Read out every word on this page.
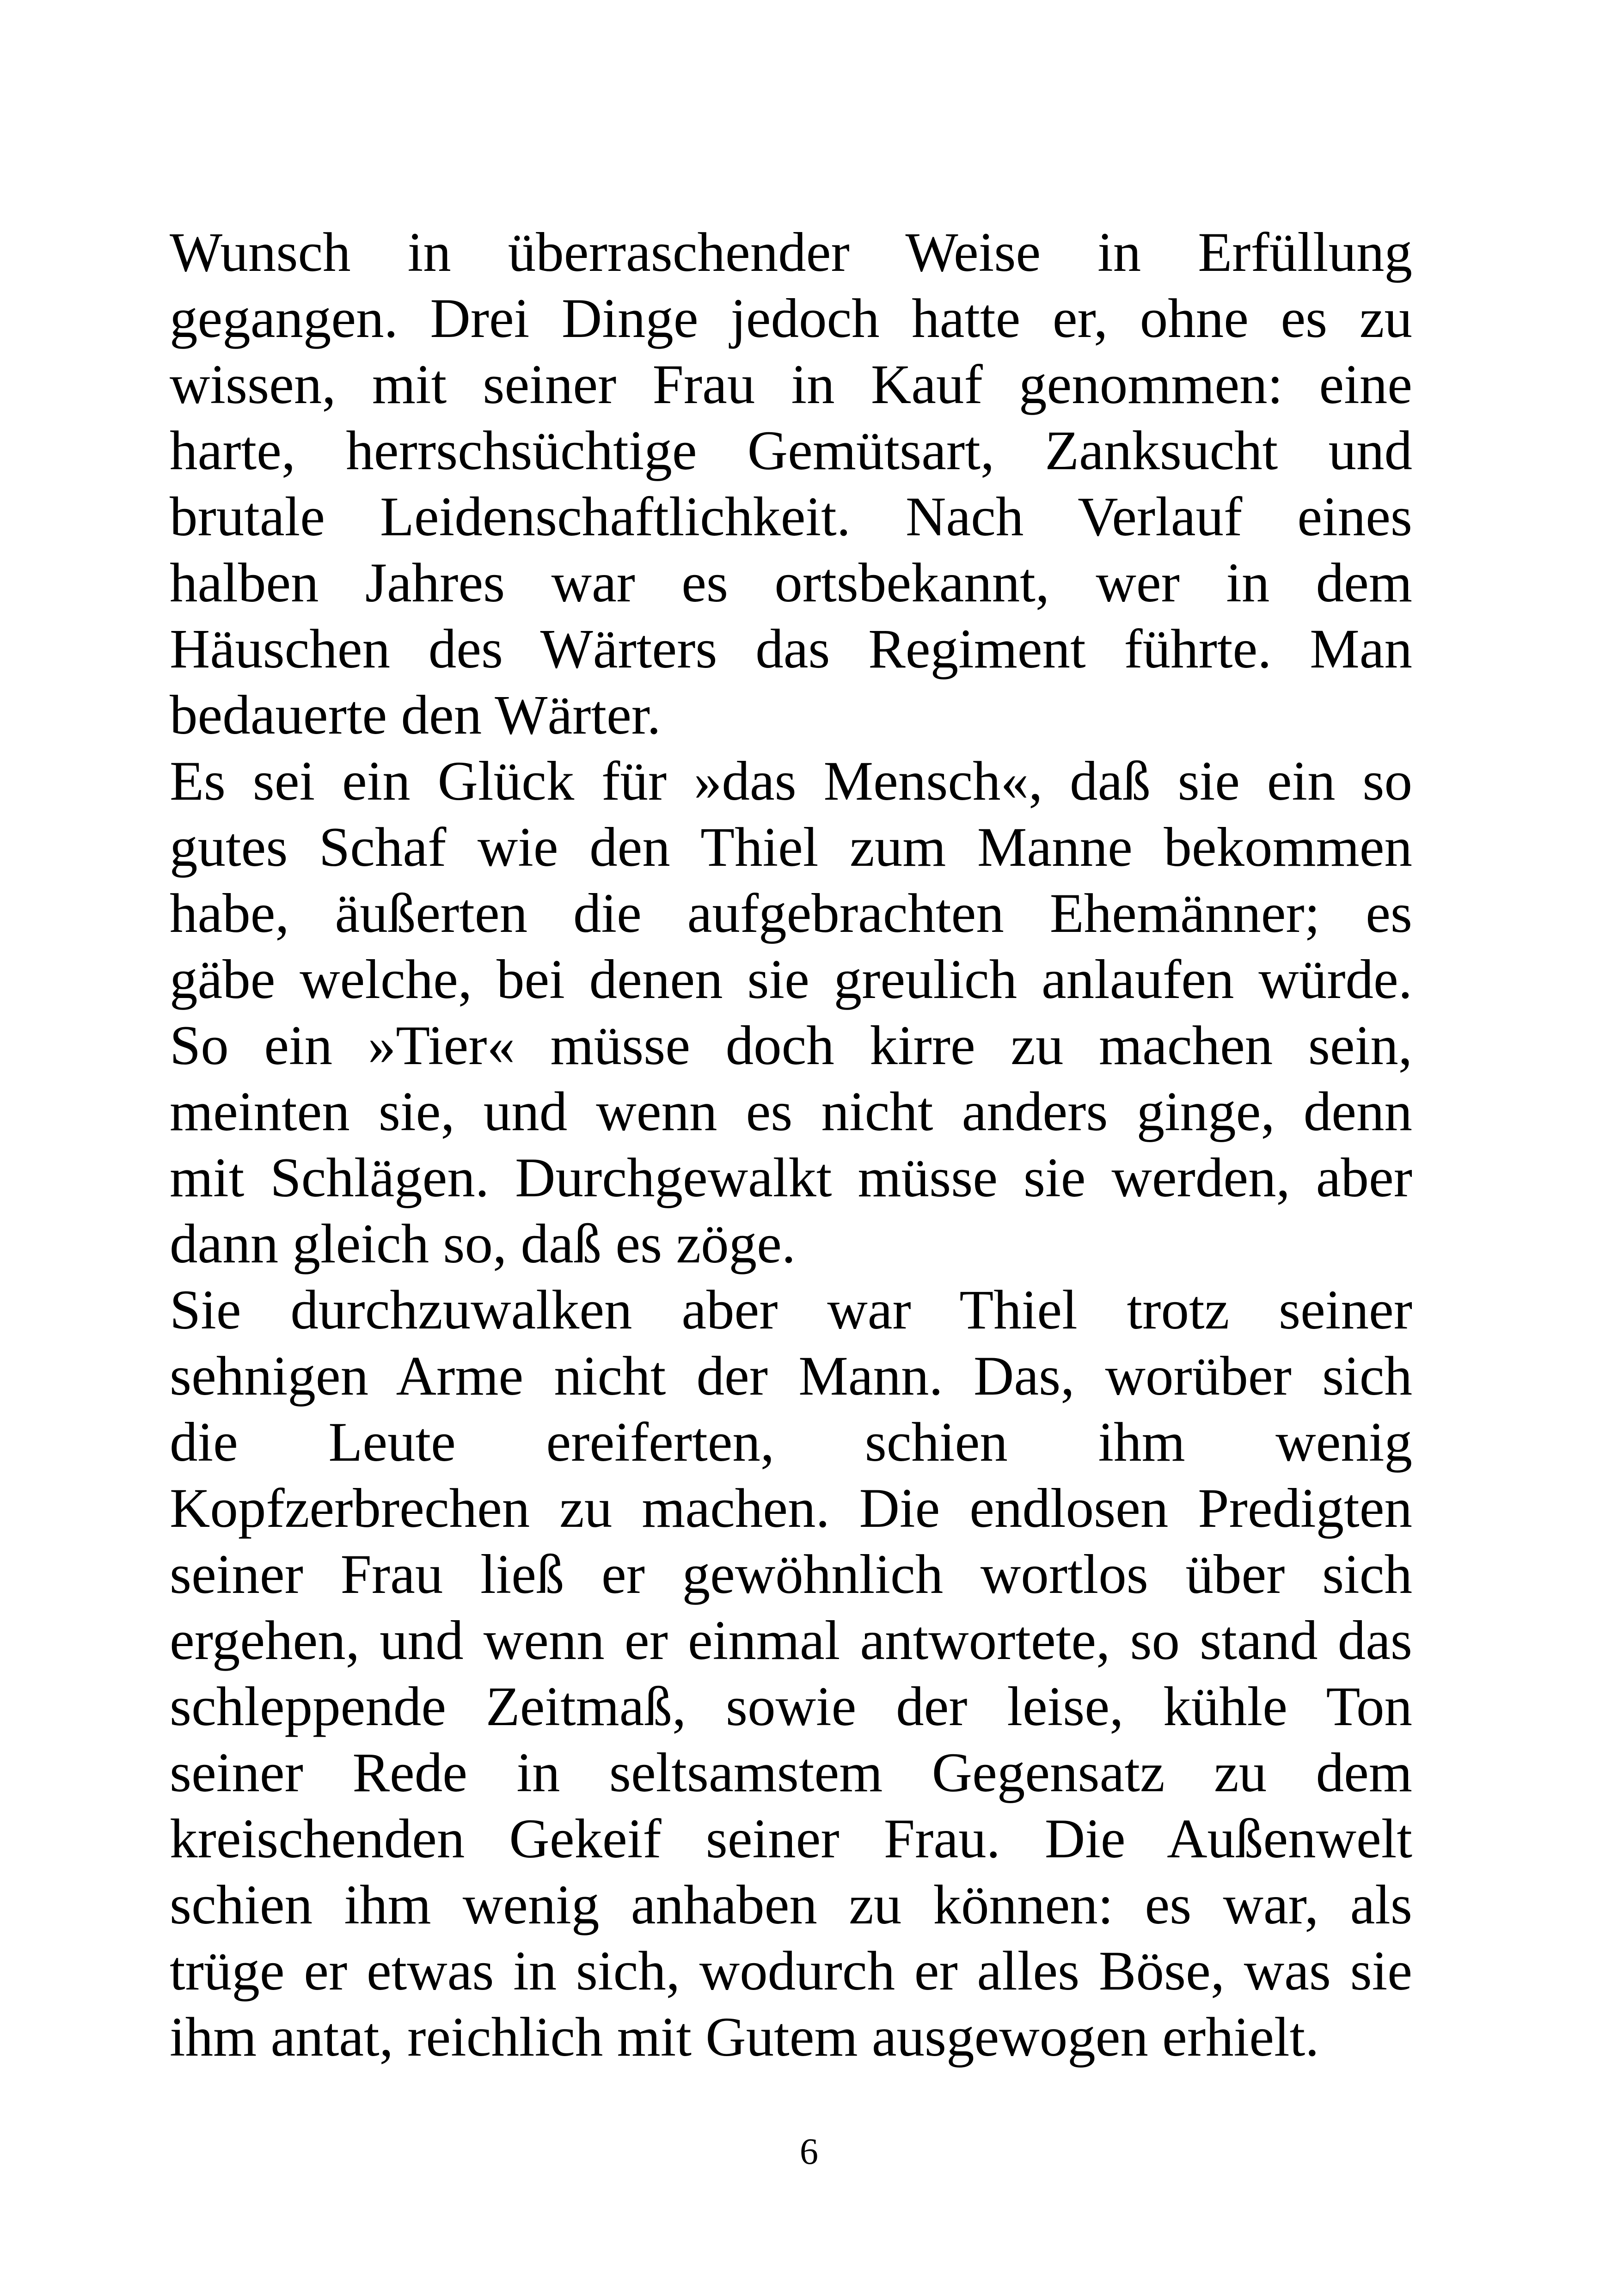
Wunsch in überraschender Weise in Erfüllung
gegangen. Drei Dinge jedoch hatte er, ohne es zu
wissen, mit seiner Frau in Kauf genommen: eine
harte, herrschsüchtige Gemütsart, Zanksucht und
brutale Leidenschaftlichkeit. Nach Verlauf eines
halben Jahres war es ortsbekannt, wer in dem
Häuschen des Wärters das Regiment führte. Man
bedauerte den Wärter.
Es sei ein Glück für »das Mensch«, daß sie ein so
gutes Schaf wie den Thiel zum Manne bekommen
habe, äußerten die aufgebrachten Ehemänner; es
gäbe welche, bei denen sie greulich anlaufen würde.
So ein »Tier« müsse doch kirre zu machen sein,
meinten sie, und wenn es nicht anders ginge, denn
mit Schlägen. Durchgewalkt müsse sie werden, aber
dann gleich so, daß es zöge.
Sie durchzuwalken aber war Thiel trotz seiner
sehnigen Arme nicht der Mann. Das, worüber sich
die Leute ereiferten, schien ihm wenig
Kopfzerbrechen zu machen. Die endlosen Predigten
seiner Frau ließ er gewöhnlich wortlos über sich
ergehen, und wenn er einmal antwortete, so stand das
schleppende Zeitmaß, sowie der leise, kühle Ton
seiner Rede in seltsamstem Gegensatz zu dem
kreischenden Gekeif seiner Frau. Die Außenwelt
schien ihm wenig anhaben zu können: es war, als
trüge er etwas in sich, wodurch er alles Böse, was sie
ihm antat, reichlich mit Gutem ausgewogen erhielt.
6
